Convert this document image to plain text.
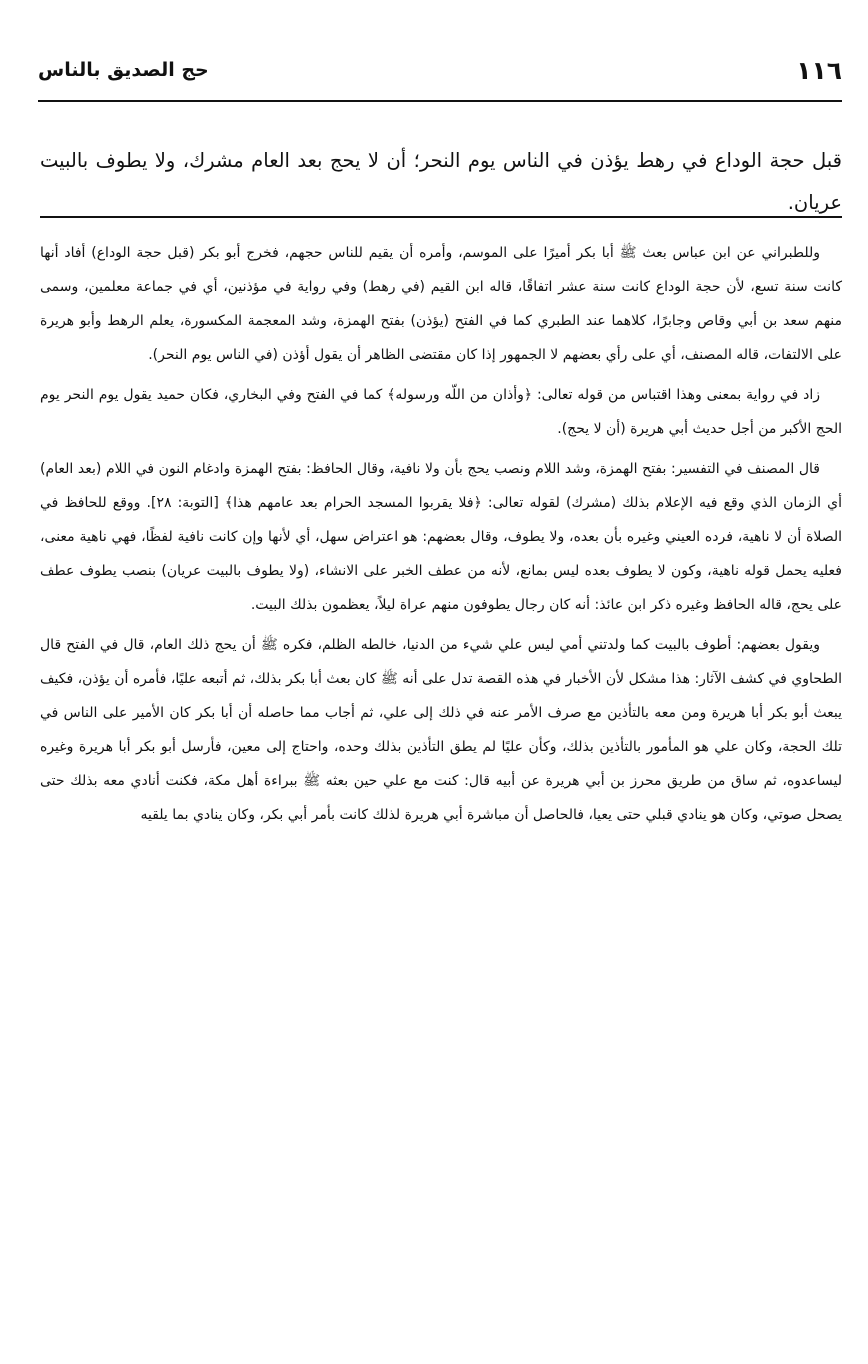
١١٦
حج الصديق بالناس

قبل حجة الوداع في رهط يؤذن في الناس يوم النحر؛ أن لا يحج بعد العام مشرك، ولا يطوف بالبيت عريان.

وللطبراني عن ابن عباس بعث ﷺ أبا بكر أميرًا على الموسم، وأمره أن يقيم للناس حجهم، فخرج أبو بكر (قبل حجة الوداع) أفاد أنها كانت سنة تسع، لأن حجة الوداع كانت سنة عشر اتفاقًا، قاله ابن القيم (في رهط) وفي رواية في مؤذنين، أي في جماعة معلمين، وسمى منهم سعد بن أبي وقاص وجابرًا، كلاهما عند الطبري كما في الفتح (يؤذن) بفتح الهمزة، وشد المعجمة المكسورة، يعلم الرهط وأبو هريرة على الالتفات، قاله المصنف، أي على رأي بعضهم لا الجمهور إذا كان مقتضى الظاهر أن يقول أؤذن (في الناس يوم النحر).

زاد في رواية بمعنى وهذا اقتباس من قوله تعالى: ﴿وأذان من اللّه ورسوله﴾ كما في الفتح وفي البخاري، فكان حميد يقول يوم النحر يوم الحج الأكبر من أجل حديث أبي هريرة (أن لا يحج).

قال المصنف في التفسير: بفتح الهمزة، وشد اللام ونصب يحج بأن ولا نافية، وقال الحافظ: بفتح الهمزة وادغام النون في اللام (بعد العام) أي الزمان الذي وقع فيه الإعلام بذلك (مشرك) لقوله تعالى: ﴿فلا يقربوا المسجد الحرام بعد عامهم هذا﴾ [التوبة: ٢٨]. ووقع للحافظ في الصلاة أن لا ناهية، فرده العيني وغيره بأن بعده، ولا يطوف، وقال بعضهم: هو اعتراض سهل، أي لأنها وإن كانت نافية لفظًا، فهي ناهية معنى، فعليه يحمل قوله ناهية، وكون لا يطوف بعده ليس بمانع، لأنه من عطف الخبر على الانشاء، (ولا يطوف بالبيت عريان) بنصب يطوف عطف على يحج، قاله الحافظ وغيره ذكر ابن عائذ: أنه كان رجال يطوفون منهم عراة ليلاً، يعظمون بذلك البيت.

ويقول بعضهم: أطوف بالبيت كما ولدتني أمي ليس علي شيء من الدنيا، خالطه الظلم، فكره ﷺ أن يحج ذلك العام، قال في الفتح قال الطحاوي في كشف الآثار: هذا مشكل لأن الأخبار في هذه القصة تدل على أنه ﷺ كان بعث أبا بكر بذلك، ثم أتبعه عليًا، فأمره أن يؤذن، فكيف يبعث أبو بكر أبا هريرة ومن معه بالتأذين مع صرف الأمر عنه في ذلك إلى علي، ثم أجاب مما حاصله أن أبا بكر كان الأمير على الناس في تلك الحجة، وكان علي هو المأمور بالتأذين بذلك، وكأن عليًا لم يطق التأذين بذلك وحده، واحتاج إلى معين، فأرسل أبو بكر أبا هريرة وغيره ليساعدوه، ثم ساق من طريق محرز بن أبي هريرة عن أبيه قال: كنت مع علي حين بعثه ﷺ ببراءة أهل مكة، فكنت أنادي معه بذلك حتى يصحل صوتي، وكان هو ينادي قبلي حتى يعيا، فالحاصل أن مباشرة أبي هريرة لذلك كانت بأمر أبي بكر، وكان ينادي بما يلقيه
